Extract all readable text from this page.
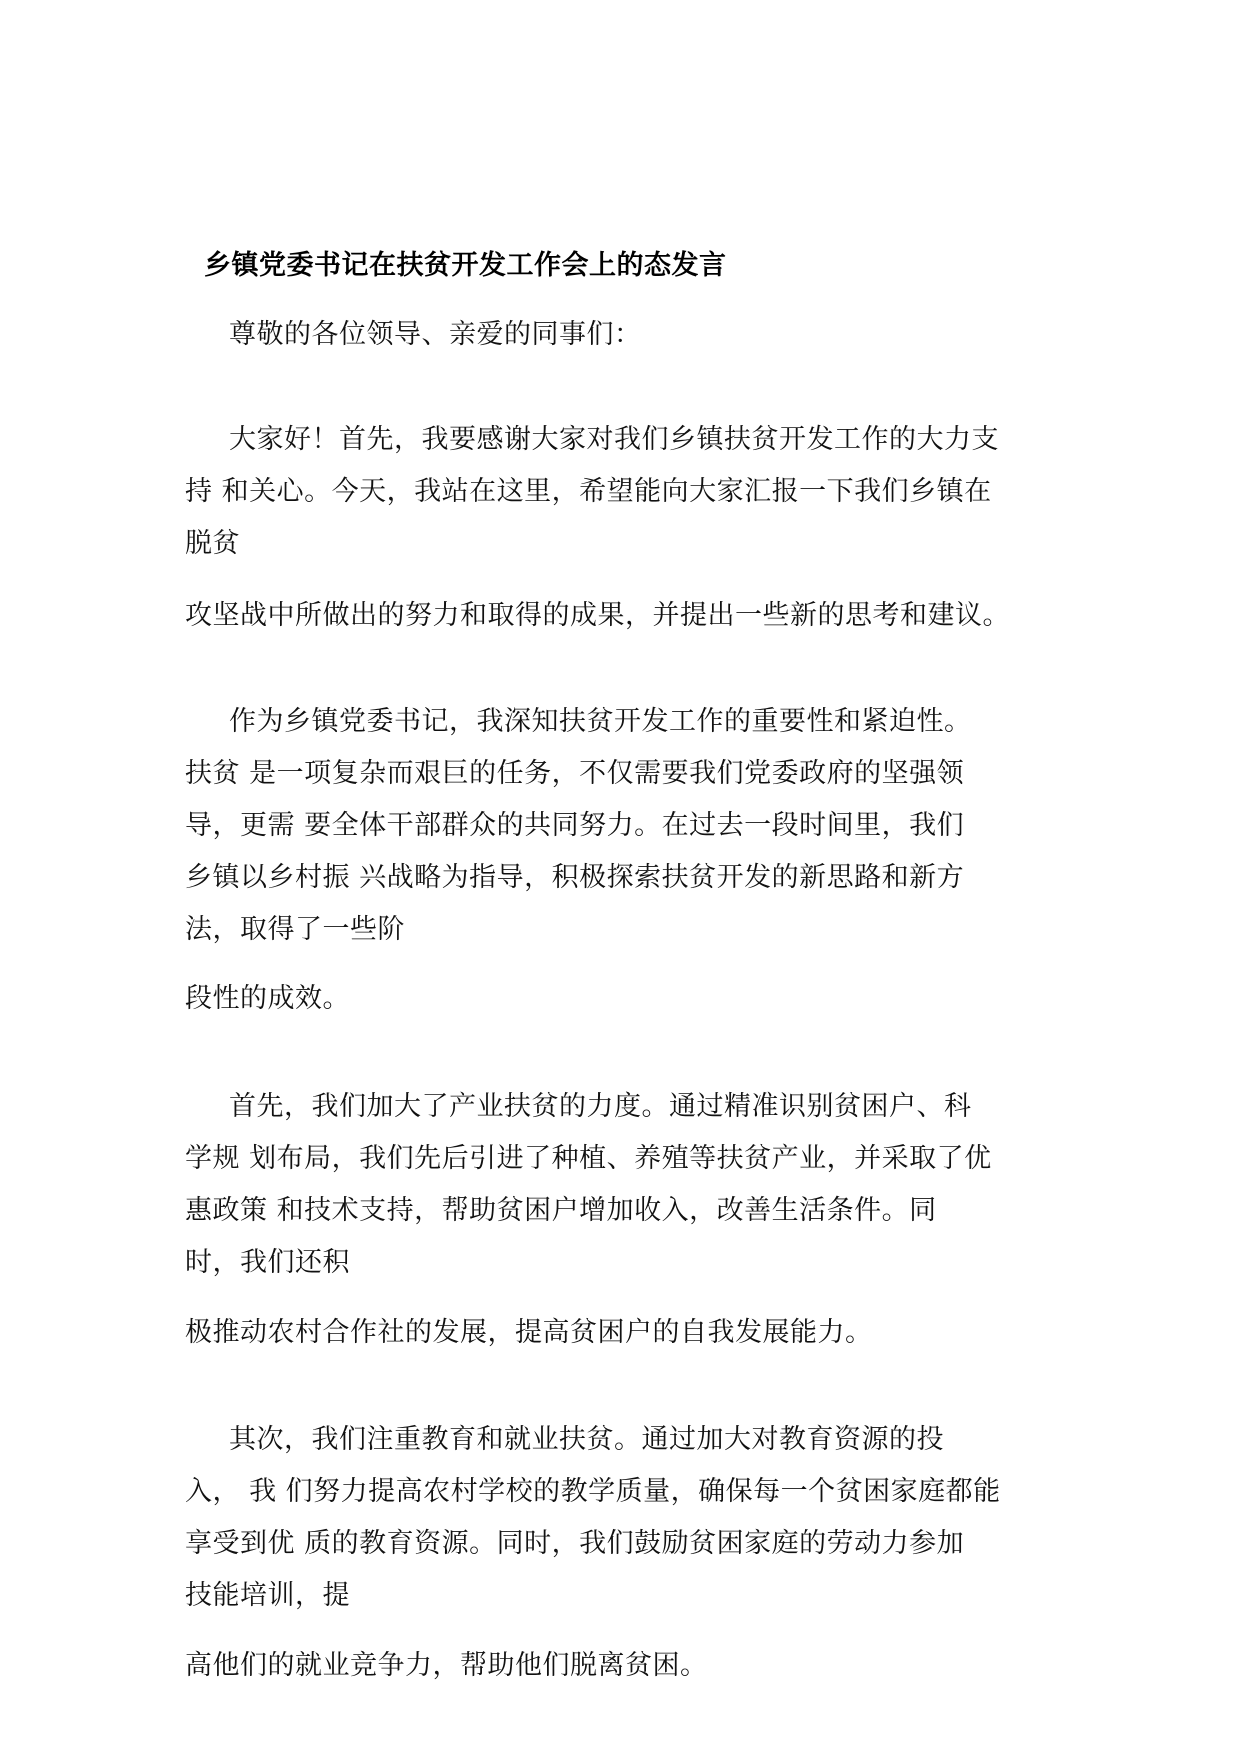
乡镇党委书记在扶贫开发工作会上的态发言
尊敬的各位领导、亲爱的同事们：
大家好！首先，我要感谢大家对我们乡镇扶贫开发工作的大力支
持 和关心。今天，我站在这里，希望能向大家汇报一下我们乡镇在
脱贫
攻坚战中所做出的努力和取得的成果，并提出一些新的思考和建议。
作为乡镇党委书记，我深知扶贫开发工作的重要性和紧迫性。
扶贫 是一项复杂而艰巨的任务，不仅需要我们党委政府的坚强领
导，更需 要全体干部群众的共同努力。在过去一段时间里，我们
乡镇以乡村振 兴战略为指导，积极探索扶贫开发的新思路和新方
法，取得了一些阶
段性的成效。
首先，我们加大了产业扶贫的力度。通过精准识别贫困户、科
学规 划布局，我们先后引进了种植、养殖等扶贫产业，并采取了优
惠政策 和技术支持，帮助贫困户增加收入，改善生活条件。同
时，我们还积
极推动农村合作社的发展，提高贫困户的自我发展能力。
其次，我们注重教育和就业扶贫。通过加大对教育资源的投
入， 我 们努力提高农村学校的教学质量，确保每一个贫困家庭都能
享受到优 质的教育资源。同时，我们鼓励贫困家庭的劳动力参加
技能培训，提
高他们的就业竞争力，帮助他们脱离贫困。
